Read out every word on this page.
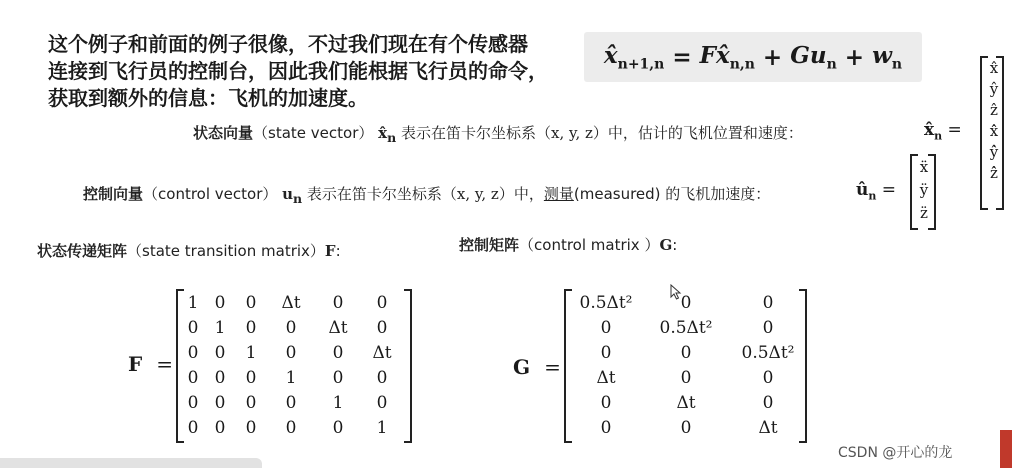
这个例子和前面的例子很像，不过我们现在有个传感器
连接到飞行员的控制台，因此我们能根据飞行员的命令，
获取到额外的信息：飞机的加速度。
$x̂_{n+1,n}$ = $Fx̂_{n,n} + Gu_n + w_n$
状态向量（state vector） $x̂_n$ 表示在笛卡尔坐标系（x, y, z）中，估计的飞机位置和速度：	$x̂_n$ =
x̂
ŷ
ẑ
x̂̇
ŷ̇
ẑ̇
控制向量（control vector） $u_n$ 表示在笛卡尔坐标系（x, y, z）中，测量(measured) 的飞机加速度：	$û_n$ =
ẍ
ÿ
z̈
状态传递矩阵（state transition matrix）F:	控制矩阵（control matrix ）G:
F =
1	0	0	Δt	0	0
0	1	0	0	Δt	0
0	0	1	0	0	Δt
0	0	0	1	0	0
0	0	0	0	1	0
0	0	0	0	0	1
G =
0.5Δt²	0	0
0	0.5Δt²	0
0	0	0.5Δt²
Δt	0	0
0	Δt	0
0	0	Δt
CSDN @开心的龙
